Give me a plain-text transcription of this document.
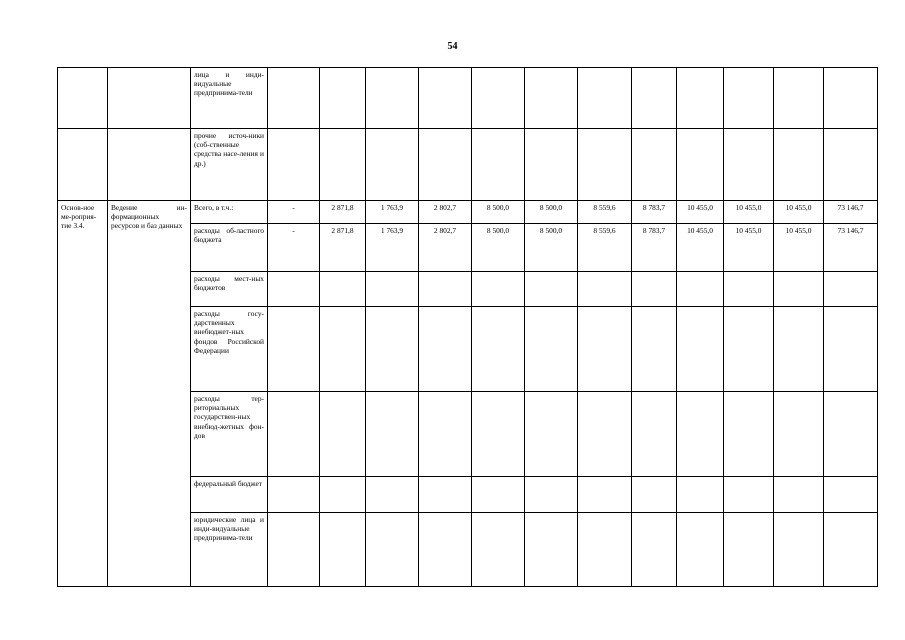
54
		лица и инди-видуальные предпринима-тели												
		прочие источ-ники (соб-ственные средства насе-ления и др.)												
Основ-ное ме-роприя-тие 3.4.	Ведение ин-формационных ресурсов и баз данных	Всего, в т.ч.:	-	2 871,8	1 763,9	2 802,7	8 500,0	8 500,0	8 559,6	8 783,7	10 455,0	10 455,0	10 455,0	73 146,7
		расходы об-ластного бюджета	-	2 871,8	1 763,9	2 802,7	8 500,0	8 500,0	8 559,6	8 783,7	10 455,0	10 455,0	10 455,0	73 146,7
		расходы мест-ных бюджетов												
		расходы госу-дарственных внебюджет-ных фондов Российской Федерации												
		расходы тер-риториальных государствен-ных внебюд-жетных фон-дов												
		федеральный бюджет												
		юридические лица и инди-видуальные предпринима-тели												
